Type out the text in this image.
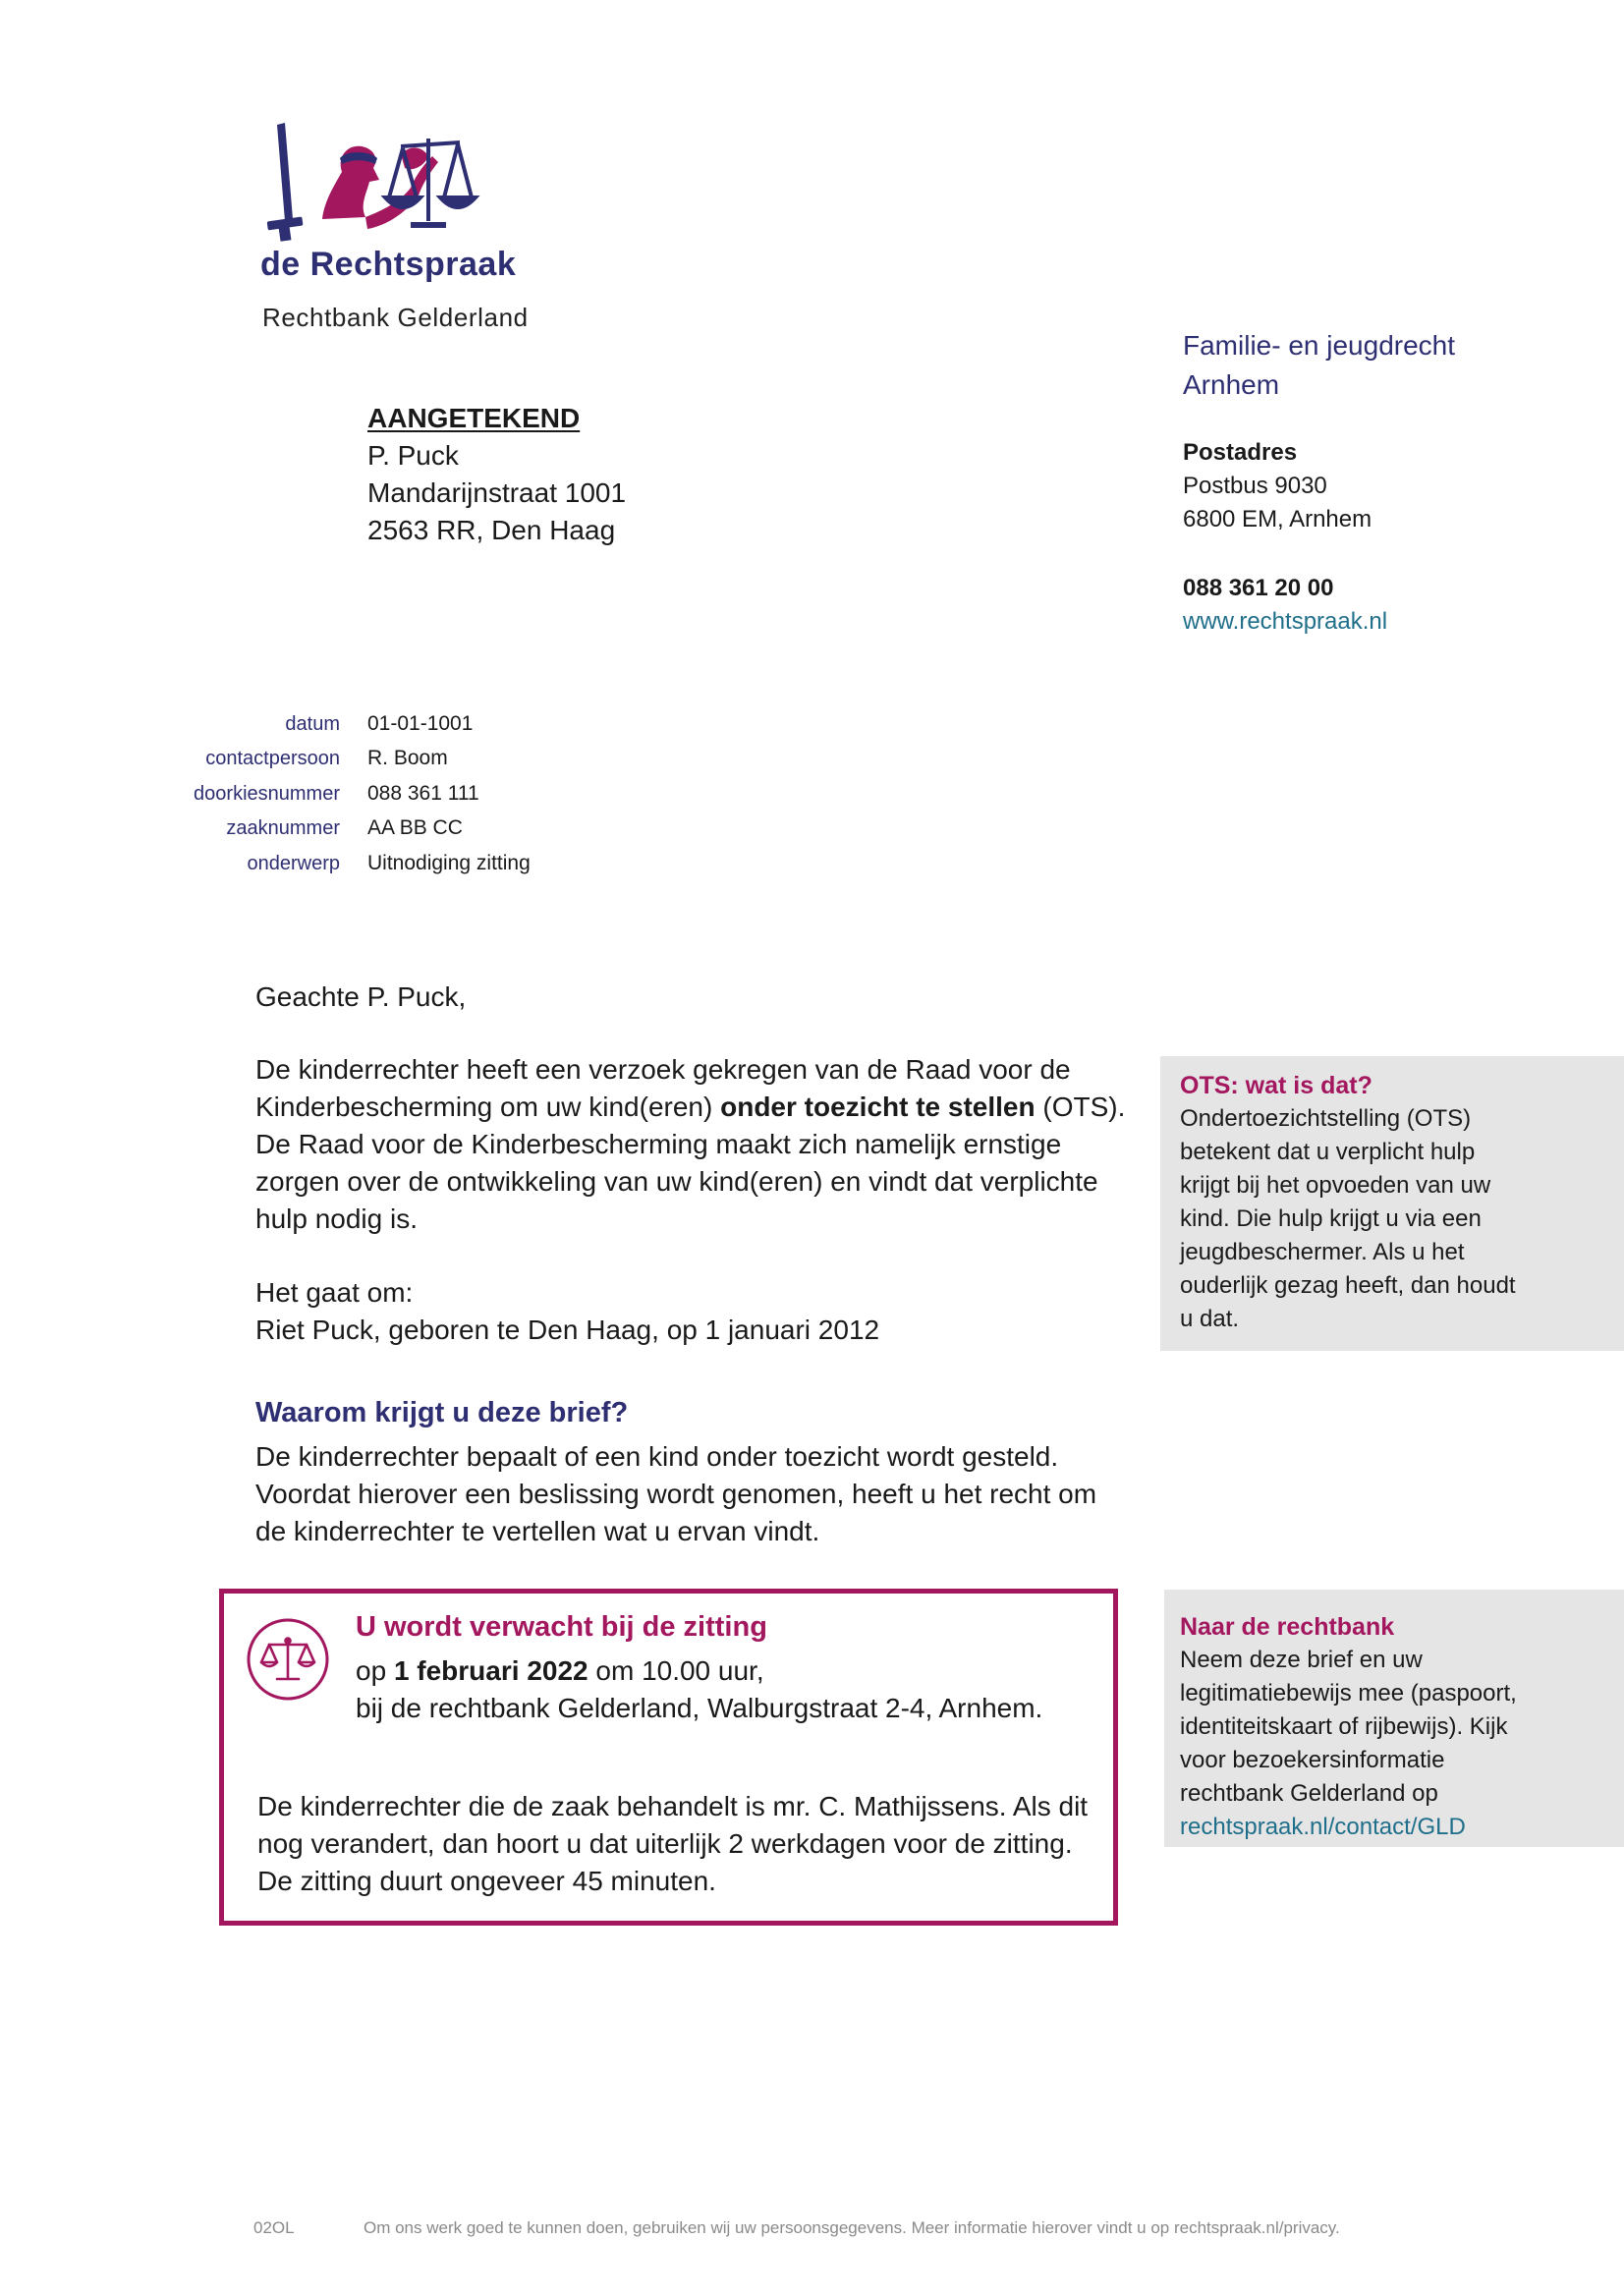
de Rechtspraak
Rechtbank Gelderland
Familie- en jeugdrecht
Arnhem
Postadres
Postbus 9030
6800 EM, Arnhem
088 361 20 00
www.rechtspraak.nl
AANGETEKEND
P. Puck
Mandarijnstraat 1001
2563 RR, Den Haag
datum 01-01-1001
contactpersoon R. Boom
doorkiesnummer 088 361 111
zaaknummer AA BB CC
onderwerp Uitnodiging zitting
Geachte P. Puck,
De kinderrechter heeft een verzoek gekregen van de Raad voor de
Kinderbescherming om uw kind(eren) onder toezicht te stellen (OTS).
De Raad voor de Kinderbescherming maakt zich namelijk ernstige
zorgen over de ontwikkeling van uw kind(eren) en vindt dat verplichte
hulp nodig is.
Het gaat om:
Riet Puck, geboren te Den Haag, op 1 januari 2012
Waarom krijgt u deze brief?
De kinderrechter bepaalt of een kind onder toezicht wordt gesteld.
Voordat hierover een beslissing wordt genomen, heeft u het recht om
de kinderrechter te vertellen wat u ervan vindt.
OTS: wat is dat?
Ondertoezichtstelling (OTS)
betekent dat u verplicht hulp
krijgt bij het opvoeden van uw
kind. Die hulp krijgt u via een
jeugdbeschermer. Als u het
ouderlijk gezag heeft, dan houdt
u dat.
U wordt verwacht bij de zitting
op 1 februari 2022 om 10.00 uur,
bij de rechtbank Gelderland, Walburgstraat 2-4, Arnhem.
De kinderrechter die de zaak behandelt is mr. C. Mathijssens. Als dit
nog verandert, dan hoort u dat uiterlijk 2 werkdagen voor de zitting.
De zitting duurt ongeveer 45 minuten.
Naar de rechtbank
Neem deze brief en uw
legitimatiebewijs mee (paspoort,
identiteitskaart of rijbewijs). Kijk
voor bezoekersinformatie
rechtbank Gelderland op
rechtspraak.nl/contact/GLD
02OL	Om ons werk goed te kunnen doen, gebruiken wij uw persoonsgegevens. Meer informatie hierover vindt u op rechtspraak.nl/privacy.
